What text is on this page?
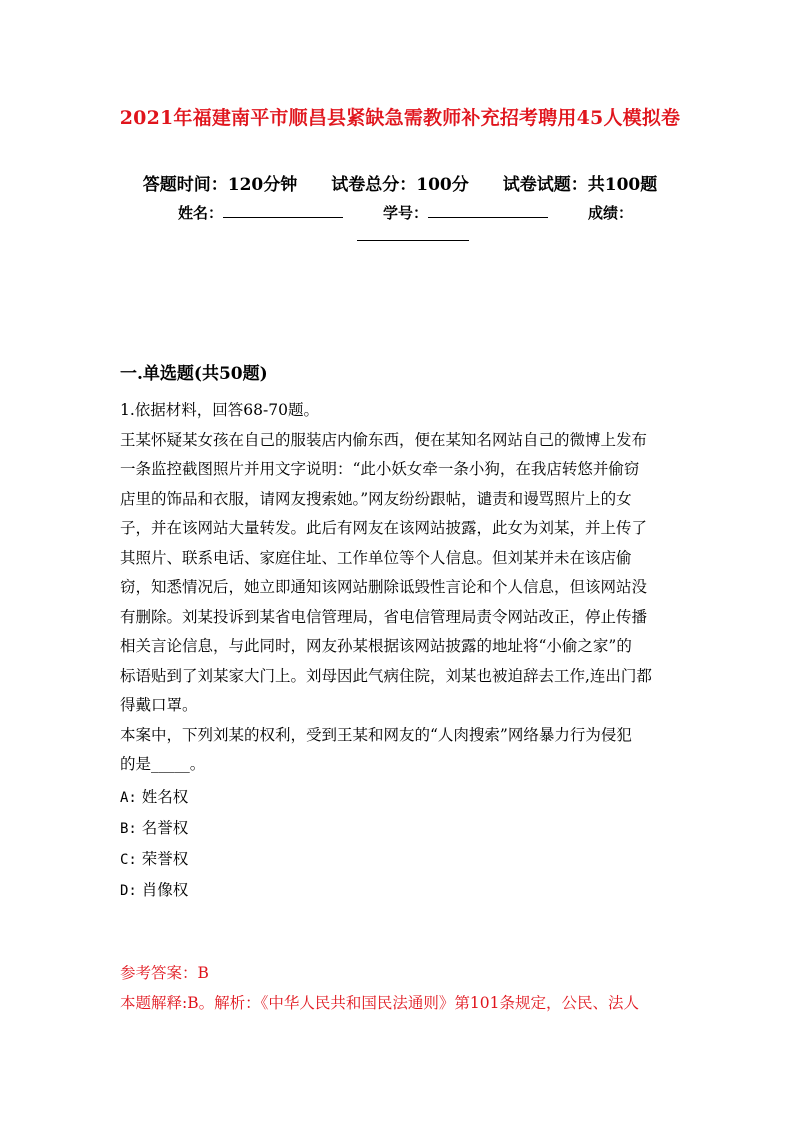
2021年福建南平市顺昌县紧缺急需教师补充招考聘用45人模拟卷
答题时间：120分钟 试卷总分：100分 试卷试题：共100题
姓名：	学号：	成绩：
一.单选题(共50题)
1.依据材料，回答68-70题。
王某怀疑某女孩在自己的服装店内偷东西，便在某知名网站自己的微博上发布
一条监控截图照片并用文字说明：“此小妖女牵一条小狗，在我店转悠并偷窃
店里的饰品和衣服，请网友搜索她。”网友纷纷跟帖，谴责和谩骂照片上的女
子，并在该网站大量转发。此后有网友在该网站披露，此女为刘某，并上传了
其照片、联系电话、家庭住址、工作单位等个人信息。但刘某并未在该店偷
窃，知悉情况后，她立即通知该网站删除诋毁性言论和个人信息，但该网站没
有删除。刘某投诉到某省电信管理局，省电信管理局责令网站改正，停止传播
相关言论信息，与此同时，网友孙某根据该网站披露的地址将“小偷之家”的
标语贴到了刘某家大门上。刘母因此气病住院，刘某也被迫辞去工作,连出门都
得戴口罩。
本案中，下列刘某的权利，受到王某和网友的“人肉搜索”网络暴力行为侵犯
的是_____。
A: 姓名权
B: 名誉权
C: 荣誉权
D: 肖像权
参考答案：B
本题解释:B。解析：《中华人民共和国民法通则》第101条规定，公民、法人
